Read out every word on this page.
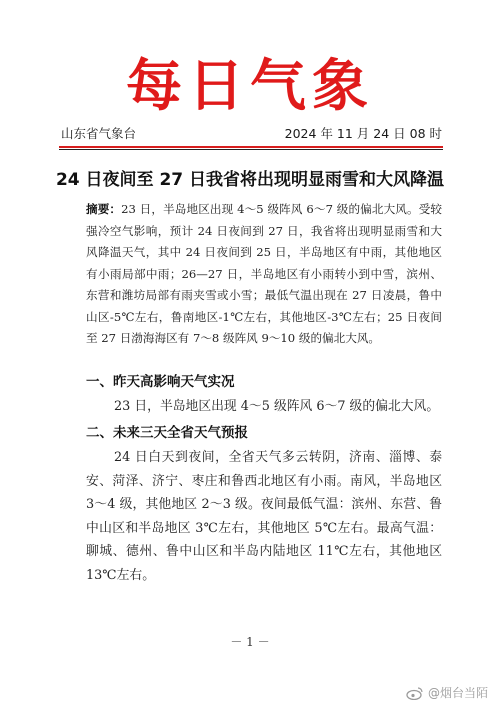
每日气象
山东省气象台	2024 年 11 月 24 日 08 时
24 日夜间至 27 日我省将出现明显雨雪和大风降温
摘要：23 日，半岛地区出现 4～5 级阵风 6～7 级的偏北大风。受较强冷空气影响，预计 24 日夜间到 27 日，我省将出现明显雨雪和大风降温天气，其中 24 日夜间到 25 日，半岛地区有中雨，其他地区有小雨局部中雨；26—27 日，半岛地区有小雨转小到中雪，滨州、东营和潍坊局部有雨夹雪或小雪；最低气温出现在 27 日凌晨，鲁中山区-5℃左右，鲁南地区-1℃左右，其他地区-3℃左右；25 日夜间至 27 日渤海海区有 7～8 级阵风 9～10 级的偏北大风。
一、昨天高影响天气实况
23 日，半岛地区出现 4～5 级阵风 6～7 级的偏北大风。
二、未来三天全省天气预报
24 日白天到夜间，全省天气多云转阴，济南、淄博、泰安、菏泽、济宁、枣庄和鲁西北地区有小雨。南风，半岛地区 3～4 级，其他地区 2～3 级。夜间最低气温：滨州、东营、鲁中山区和半岛地区 3℃左右，其他地区 5℃左右。最高气温：聊城、德州、鲁中山区和半岛内陆地区 11℃左右，其他地区 13℃左右。
－ 1 －
@烟台当陌
